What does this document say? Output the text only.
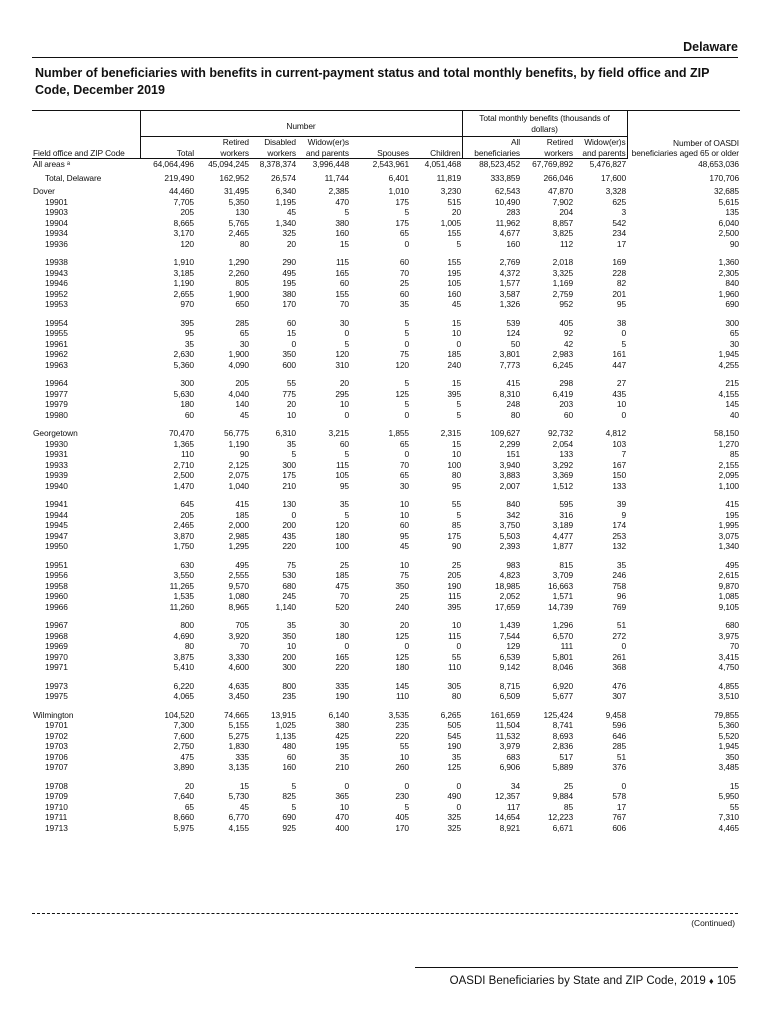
Delaware
Number of beneficiaries with benefits in current-payment status and total monthly benefits, by field office and ZIP Code, December 2019
	Number						Total monthly benefits (thousands of dollars)			Number of OASDI beneficiaries aged 65 or older
Field office and ZIP Code	Total	Retired workers	Disabled workers	Widow(er)s and parents	Spouses	Children	All beneficiaries	Retired workers	Widow(er)s and parents	
All areas ᵃ	64,064,496	45,094,245	8,378,374	3,996,448	2,543,961	4,051,468	88,523,452	67,769,892	5,476,827	48,653,036

Total, Delaware	219,490	162,952	26,574	11,744	6,401	11,819	333,859	266,046	17,600	170,706

Dover	44,460	31,495	6,340	2,385	1,010	3,230	62,543	47,870	3,328	32,685
19901	7,705	5,350	1,195	470	175	515	10,490	7,902	625	5,615
19903	205	130	45	5	5	20	283	204	3	135
19904	8,665	5,765	1,340	380	175	1,005	11,962	8,857	542	6,040
19934	3,170	2,465	325	160	65	155	4,677	3,825	234	2,500
19936	120	80	20	15	0	5	160	112	17	90

19938	1,910	1,290	290	115	60	155	2,769	2,018	169	1,360
19943	3,185	2,260	495	165	70	195	4,372	3,325	228	2,305
19946	1,190	805	195	60	25	105	1,577	1,169	82	840
19952	2,655	1,900	380	155	60	160	3,587	2,759	201	1,960
19953	970	650	170	70	35	45	1,326	952	95	690

19954	395	285	60	30	5	15	539	405	38	300
19955	95	65	15	0	5	10	124	92	0	65
19961	35	30	0	5	0	0	50	42	5	30
19962	2,630	1,900	350	120	75	185	3,801	2,983	161	1,945
19963	5,360	4,090	600	310	120	240	7,773	6,245	447	4,255

19964	300	205	55	20	5	15	415	298	27	215
19977	5,630	4,040	775	295	125	395	8,310	6,419	435	4,155
19979	180	140	20	10	5	5	248	203	10	145
19980	60	45	10	0	0	5	80	60	0	40

Georgetown	70,470	56,775	6,310	3,215	1,855	2,315	109,627	92,732	4,812	58,150
19930	1,365	1,190	35	60	65	15	2,299	2,054	103	1,270
19931	110	90	5	5	0	10	151	133	7	85
19933	2,710	2,125	300	115	70	100	3,940	3,292	167	2,155
19939	2,500	2,075	175	105	65	80	3,883	3,369	150	2,095
19940	1,470	1,040	210	95	30	95	2,007	1,512	133	1,100

19941	645	415	130	35	10	55	840	595	39	415
19944	205	185	0	5	10	5	342	316	9	195
19945	2,465	2,000	200	120	60	85	3,750	3,189	174	1,995
19947	3,870	2,985	435	180	95	175	5,503	4,477	253	3,075
19950	1,750	1,295	220	100	45	90	2,393	1,877	132	1,340

19951	630	495	75	25	10	25	983	815	35	495
19956	3,550	2,555	530	185	75	205	4,823	3,709	246	2,615
19958	11,265	9,570	680	475	350	190	18,985	16,663	758	9,870
19960	1,535	1,080	245	70	25	115	2,052	1,571	96	1,085
19966	11,260	8,965	1,140	520	240	395	17,659	14,739	769	9,105

19967	800	705	35	30	20	10	1,439	1,296	51	680
19968	4,690	3,920	350	180	125	115	7,544	6,570	272	3,975
19969	80	70	10	0	0	0	129	111	0	70
19970	3,875	3,330	200	165	125	55	6,539	5,801	261	3,415
19971	5,410	4,600	300	220	180	110	9,142	8,046	368	4,750

19973	6,220	4,635	800	335	145	305	8,715	6,920	476	4,855
19975	4,065	3,450	235	190	110	80	6,509	5,677	307	3,510

Wilmington	104,520	74,665	13,915	6,140	3,535	6,265	161,659	125,424	9,458	79,855
19701	7,300	5,155	1,025	380	235	505	11,504	8,741	596	5,360
19702	7,600	5,275	1,135	425	220	545	11,532	8,693	646	5,520
19703	2,750	1,830	480	195	55	190	3,979	2,836	285	1,945
19706	475	335	60	35	10	35	683	517	51	350
19707	3,890	3,135	160	210	260	125	6,906	5,889	376	3,485

19708	20	15	5	0	0	0	34	25	0	15
19709	7,640	5,730	825	365	230	490	12,357	9,884	578	5,950
19710	65	45	5	10	5	0	117	85	17	55
19711	8,660	6,770	690	470	405	325	14,654	12,223	767	7,310
19713	5,975	4,155	925	400	170	325	8,921	6,671	606	4,465
(Continued)
OASDI Beneficiaries by State and ZIP Code, 2019 ♦ 105
